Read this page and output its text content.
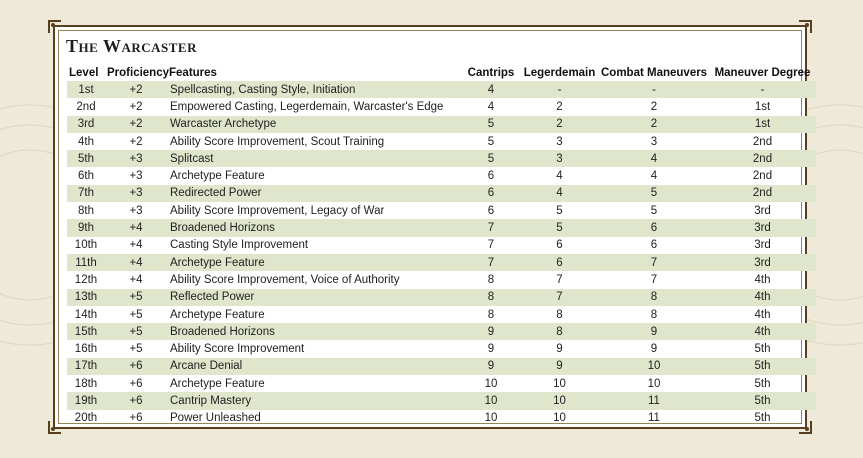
The Warcaster
Level	Proficiency	Features	Cantrips	Legerdemain	Combat Maneuvers	Maneuver Degree
1st	+2	Spellcasting, Casting Style, Initiation	4	-	-	-
2nd	+2	Empowered Casting, Legerdemain, Warcaster's Edge	4	2	2	1st
3rd	+2	Warcaster Archetype	5	2	2	1st
4th	+2	Ability Score Improvement, Scout Training	5	3	3	2nd
5th	+3	Splitcast	5	3	4	2nd
6th	+3	Archetype Feature	6	4	4	2nd
7th	+3	Redirected Power	6	4	5	2nd
8th	+3	Ability Score Improvement, Legacy of War	6	5	5	3rd
9th	+4	Broadened Horizons	7	5	6	3rd
10th	+4	Casting Style Improvement	7	6	6	3rd
11th	+4	Archetype Feature	7	6	7	3rd
12th	+4	Ability Score Improvement, Voice of Authority	8	7	7	4th
13th	+5	Reflected Power	8	7	8	4th
14th	+5	Archetype Feature	8	8	8	4th
15th	+5	Broadened Horizons	9	8	9	4th
16th	+5	Ability Score Improvement	9	9	9	5th
17th	+6	Arcane Denial	9	9	10	5th
18th	+6	Archetype Feature	10	10	10	5th
19th	+6	Cantrip Mastery	10	10	11	5th
20th	+6	Power Unleashed	10	10	11	5th
